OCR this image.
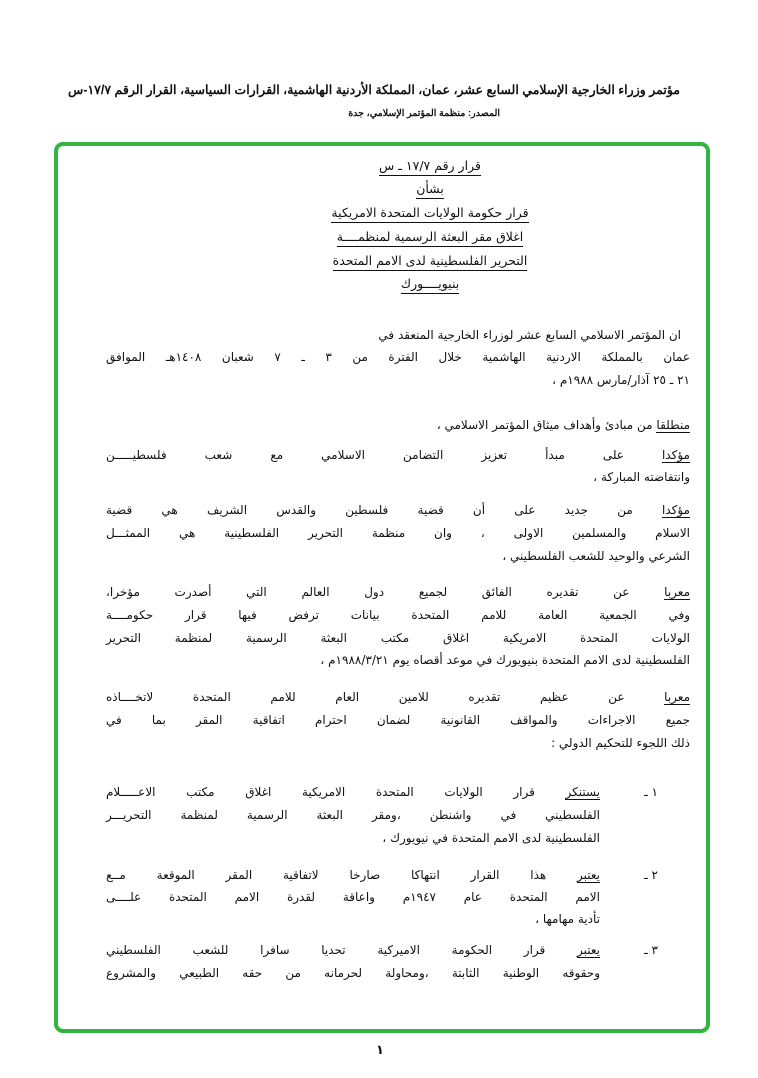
مؤتمر وزراء الخارجية الإسلامي السابع عشر، عمان، المملكة الأردنية الهاشمية، القرارات السياسية، القرار الرقم ١٧/٧-س
المصدر: منظمة المؤتمر الإسلامي، جدة
قرار رقم ١٧/٧ ـ س
بشأن
قرار حكومة الولايات المتحدة الامريكية
اغلاق مقر البعثة الرسمية لمنظمــــة
التحرير الفلسطينية لدى الامم المتحدة
بنيويــــورك
ان المؤتمر الاسلامي السابع عشر لوزراء الخارجية المنعقد في
عمان بالمملكة الاردنية الهاشمية خلال الفترة من ٣ ـ ٧ شعبان ١٤٠٨هـ الموافق
٢١ ـ ٢٥ آذار/مارس ١٩٨٨م ،
منطلقا من مبادئ وأهداف ميثاق المؤتمر الاسلامي ،
مؤكدا على مبدأ تعزيز التضامن الاسلامي مع شعب فلسطيـــــن
وانتفاضته المباركة ،
مؤكدا من جديد على أن قضية فلسطين والقدس الشريف هي قضية
الاسلام والمسلمين الاولى ، وان منظمة التحرير الفلسطينية هي الممثـــل
الشرعي والوحيد للشعب الفلسطيني ،
معربا عن تقديره الفائق لجميع دول العالم التي أصدرت مؤخرا،
وفي الجمعية العامة للامم المتحدة بيانات ترفض فيها قرار حكومــــة
الولايات المتحدة الامريكية اغلاق مكتب البعثة الرسمية لمنظمة التحرير
الفلسطينية لدى الامم المتحدة بنيويورك في موعد أقصاه يوم ١٩٨٨/٣/٢١م ،
معربا عن عظيم تقديره للامين العام للامم المتحدة لاتخــــاذه
جميع الاجراءات والمواقف القانونية لضمان احترام اتفاقية المقر بما في
ذلك اللجوء للتحكيم الدولي :
١ ـ
يستنكر قرار الولايات المتحدة الامريكية اغلاق مكتب الاعـــــلام
الفلسطيني في واشنطن ،ومقر البعثة الرسمية لمنظمة التحريـــر
الفلسطينية لدى الامم المتحدة في نيويورك ،
٢ ـ
يعتبر هذا القرار انتهاكا صارخا لاتفاقية المقر الموقعة مــع
الامم المتحدة عام ١٩٤٧م واعاقة لقدرة الامم المتحدة علــــى
تأدية مهامها ،
٣ ـ
يعتبر قرار الحكومة الاميركية تحديا سافرا للشعب الفلسطيني
وحقوقه الوطنية الثابتة ،ومحاولة لحرمانه من حقه الطبيعي والمشروع
١
